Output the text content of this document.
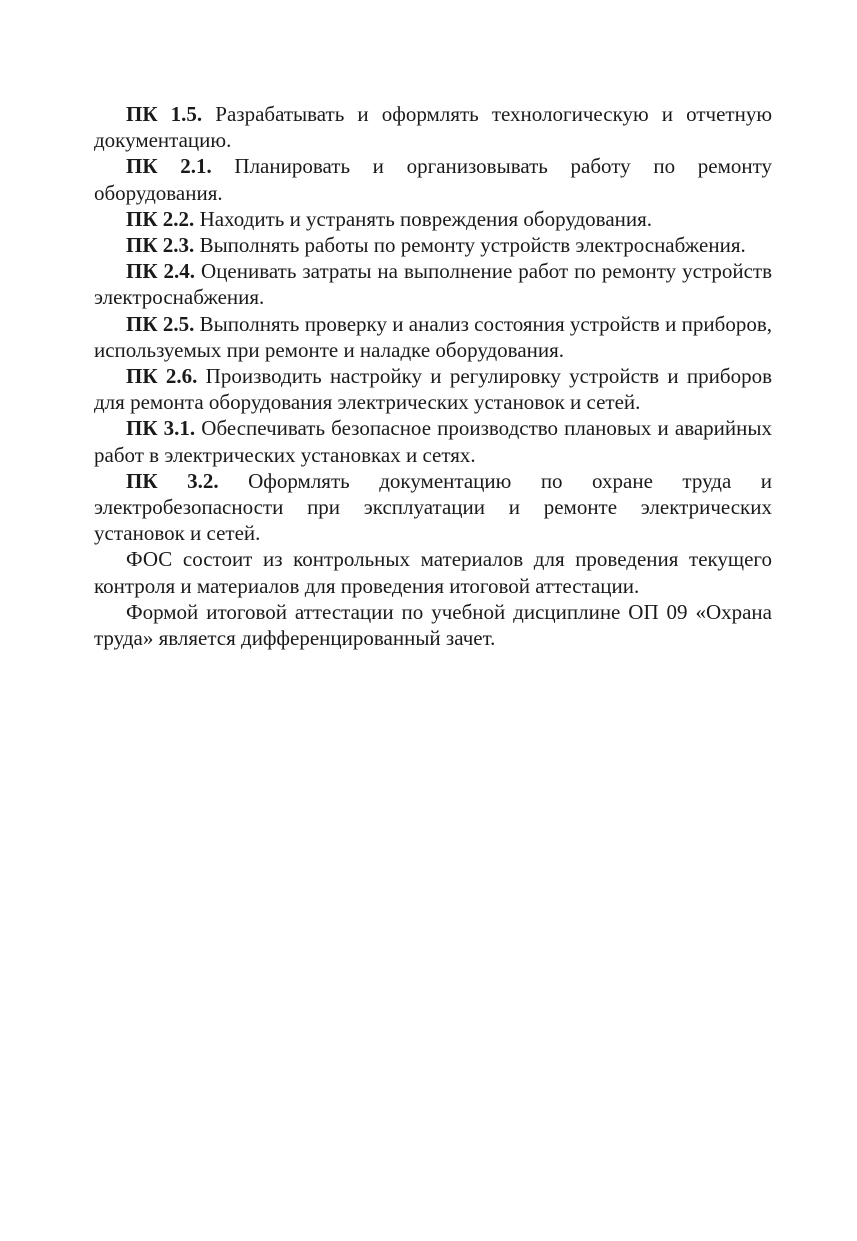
ПК 1.5. Разрабатывать и оформлять технологическую и отчетную документацию.

ПК 2.1. Планировать и организовывать работу по ремонту оборудования.

ПК 2.2. Находить и устранять повреждения оборудования.

ПК 2.3. Выполнять работы по ремонту устройств электроснабжения.

ПК 2.4. Оценивать затраты на выполнение работ по ремонту устройств электроснабжения.

ПК 2.5. Выполнять проверку и анализ состояния устройств и приборов, используемых при ремонте и наладке оборудования.

ПК 2.6. Производить настройку и регулировку устройств и приборов для ремонта оборудования электрических установок и сетей.

ПК 3.1. Обеспечивать безопасное производство плановых и аварийных работ в электрических установках и сетях.

ПК 3.2. Оформлять документацию по охране труда и электробезопасности при эксплуатации и ремонте электрических установок и сетей.

ФОС состоит из контрольных материалов для проведения текущего контроля и материалов для проведения итоговой аттестации.

Формой итоговой аттестации по учебной дисциплине ОП 09 «Охрана труда» является дифференцированный зачет.
